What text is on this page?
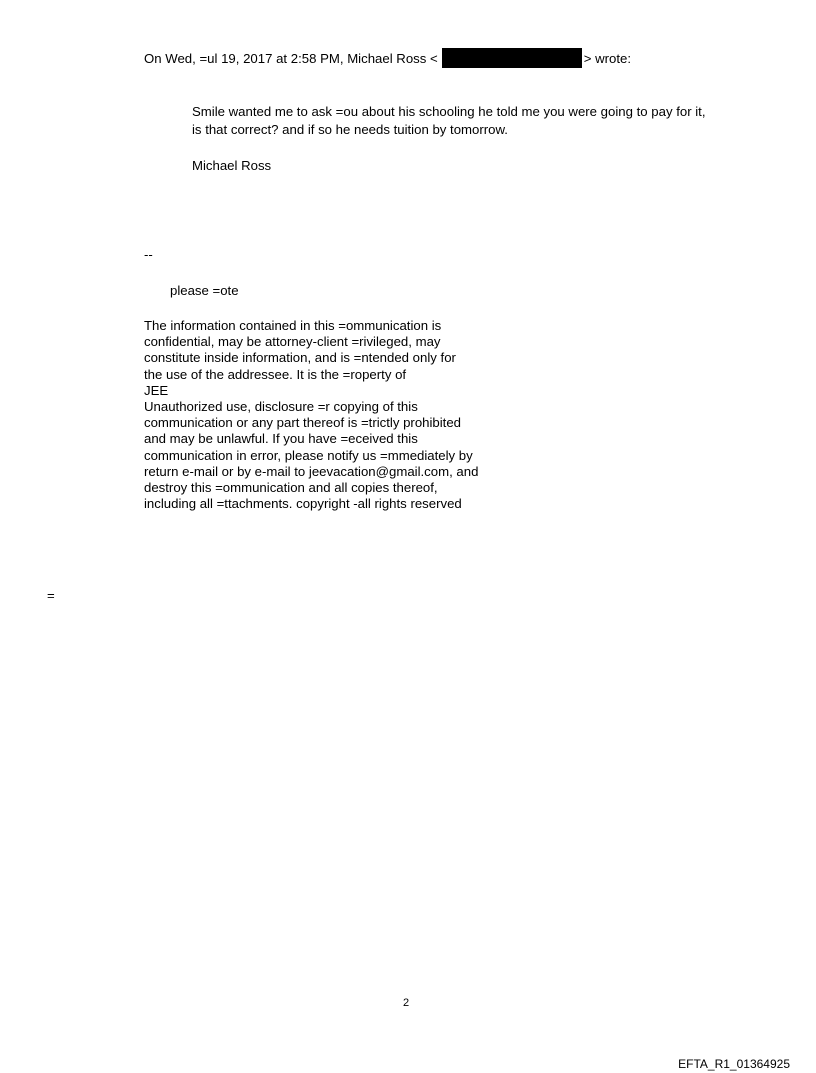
On Wed, =ul 19, 2017 at 2:58 PM, Michael Ross <	> wrote:
Smile wanted me to ask =ou about his schooling he told me you were going to pay for it,
is that correct? and if so he needs tuition by tomorrow.
Michael Ross
--
please =ote
The information contained in this =ommunication is
confidential, may be attorney-client =rivileged, may
constitute inside information, and is =ntended only for
the use of the addressee. It is the =roperty of
JEE
Unauthorized use, disclosure =r copying of this
communication or any part thereof is =trictly prohibited
and may be unlawful. If you have =eceived this
communication in error, please notify us =mmediately by
return e-mail or by e-mail to jeevacation@gmail.com, and
destroy this =ommunication and all copies thereof,
including all =ttachments. copyright -all rights reserved
=
2
EFTA_R1_01364925
